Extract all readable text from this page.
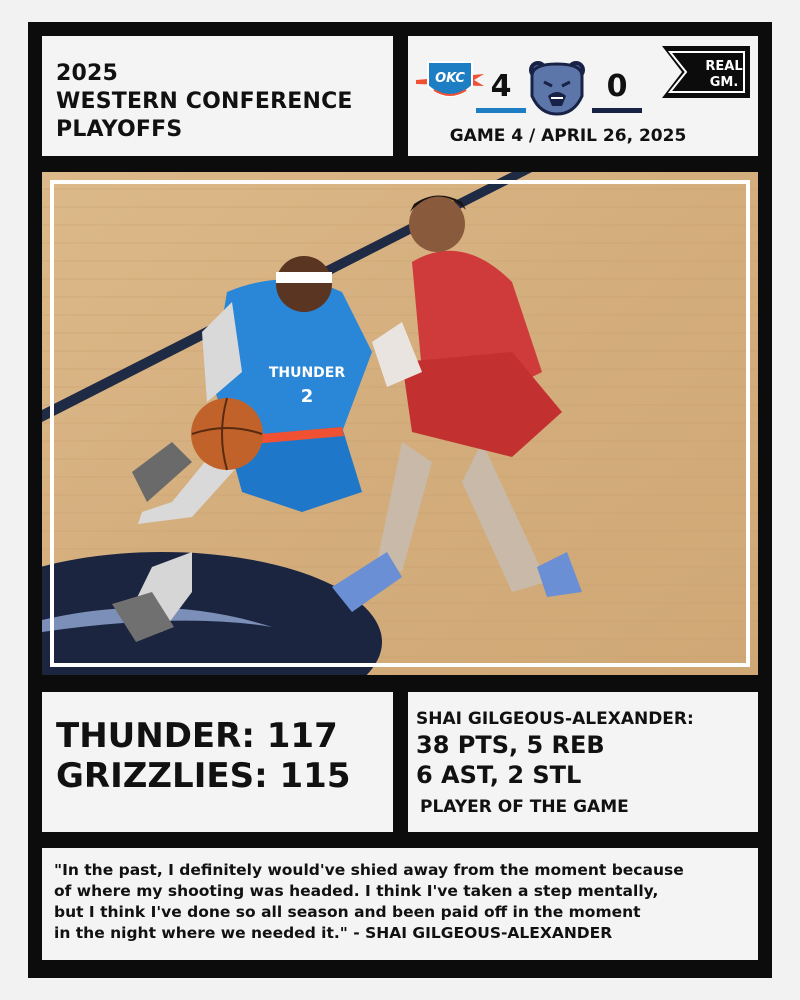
2025
WESTERN CONFERENCE
PLAYOFFS
OKC 4	0
REAL
GM.
GAME 4 / APRIL 26, 2025
THUNDER
2
THUNDER: 117
GRIZZLIES: 115
SHAI GILGEOUS-ALEXANDER:
38 PTS, 5 REB
6 AST, 2 STL
PLAYER OF THE GAME
"In the past, I definitely would've shied away from the moment because
of where my shooting was headed. I think I've taken a step mentally,
but I think I've done so all season and been paid off in the moment
in the night where we needed it." - SHAI GILGEOUS-ALEXANDER
